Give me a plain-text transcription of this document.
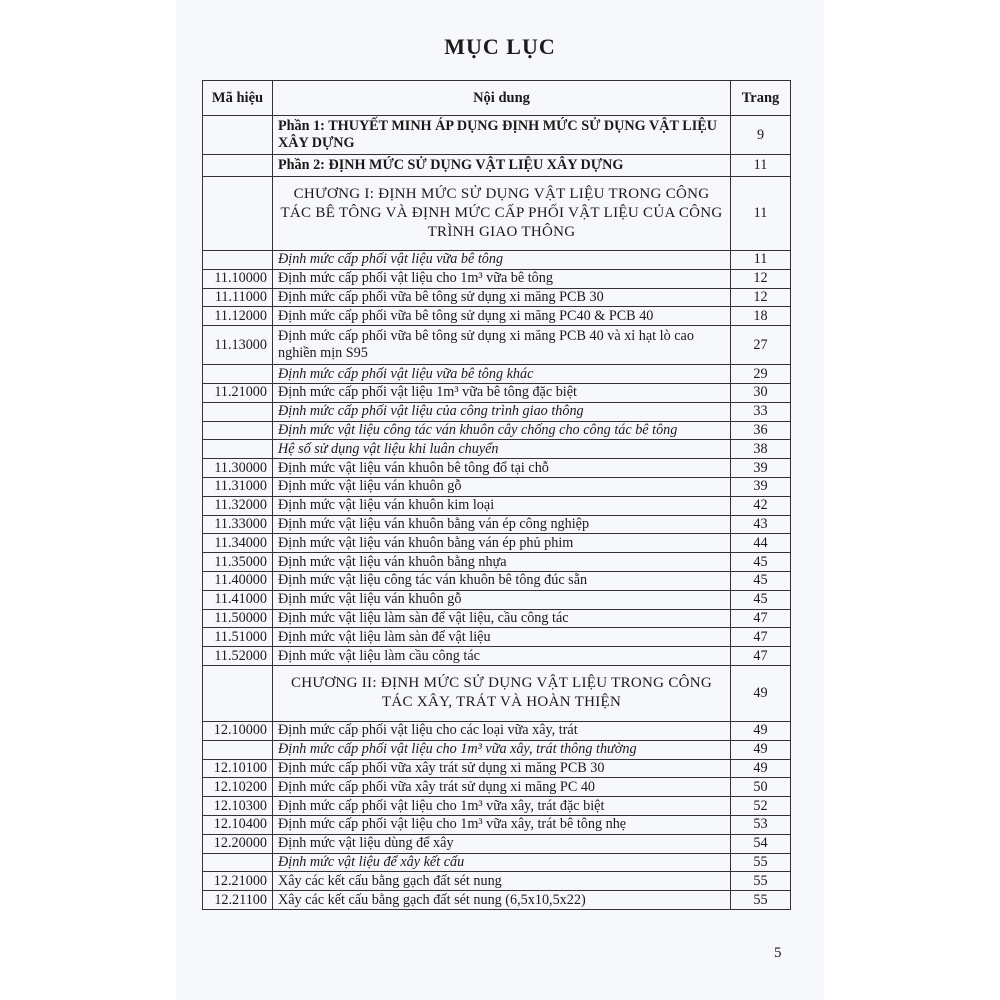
MỤC LỤC
Mã hiệu	Nội dung	Trang
	Phần 1: THUYẾT MINH ÁP DỤNG ĐỊNH MỨC SỬ DỤNG VẬT LIỆU XÂY DỰNG	9
	Phần 2: ĐỊNH MỨC SỬ DỤNG VẬT LIỆU XÂY DỰNG	11
	CHƯƠNG I: ĐỊNH MỨC SỬ DỤNG VẬT LIỆU TRONG CÔNG TÁC BÊ TÔNG VÀ ĐỊNH MỨC CẤP PHỐI VẬT LIỆU CỦA CÔNG TRÌNH GIAO THÔNG	11
	Định mức cấp phối vật liệu vữa bê tông	11
11.10000	Định mức cấp phối vật liệu cho 1m³ vữa bê tông	12
11.11000	Định mức cấp phối vữa bê tông sử dụng xi măng PCB 30	12
11.12000	Định mức cấp phối vữa bê tông sử dụng xi măng PC40 & PCB 40	18
11.13000	Định mức cấp phối vữa bê tông sử dụng xi măng PCB 40 và xỉ hạt lò cao nghiền mịn S95	27
	Định mức cấp phối vật liệu vữa bê tông khác	29
11.21000	Định mức cấp phối vật liệu 1m³ vữa bê tông đặc biệt	30
	Định mức cấp phối vật liệu của công trình giao thông	33
	Định mức vật liệu công tác ván khuôn cây chống cho công tác bê tông	36
	Hệ số sử dụng vật liệu khi luân chuyển	38
11.30000	Định mức vật liệu ván khuôn bê tông đổ tại chỗ	39
11.31000	Định mức vật liệu ván khuôn gỗ	39
11.32000	Định mức vật liệu ván khuôn kim loại	42
11.33000	Định mức vật liệu ván khuôn bằng ván ép công nghiệp	43
11.34000	Định mức vật liệu ván khuôn bằng ván ép phủ phim	44
11.35000	Định mức vật liệu ván khuôn bằng nhựa	45
11.40000	Định mức vật liệu công tác ván khuôn bê tông đúc sẵn	45
11.41000	Định mức vật liệu ván khuôn gỗ	45
11.50000	Định mức vật liệu làm sàn để vật liệu, cầu công tác	47
11.51000	Định mức vật liệu làm sàn để vật liệu	47
11.52000	Định mức vật liệu làm cầu công tác	47
	CHƯƠNG II: ĐỊNH MỨC SỬ DỤNG VẬT LIỆU TRONG CÔNG TÁC XÂY, TRÁT VÀ HOÀN THIỆN	49
12.10000	Định mức cấp phối vật liệu cho các loại vữa xây, trát	49
	Định mức cấp phối vật liệu cho 1m³ vữa xây, trát thông thường	49
12.10100	Định mức cấp phối vữa xây trát sử dụng xi măng PCB 30	49
12.10200	Định mức cấp phối vữa xây trát sử dụng xi măng PC 40	50
12.10300	Định mức cấp phối vật liệu cho 1m³ vữa xây, trát đặc biệt	52
12.10400	Định mức cấp phối vật liệu cho 1m³ vữa xây, trát bê tông nhẹ	53
12.20000	Định mức vật liệu dùng để xây	54
	Định mức vật liệu để xây kết cấu	55
12.21000	Xây các kết cấu bằng gạch đất sét nung	55
12.21100	Xây các kết cấu bằng gạch đất sét nung (6,5x10,5x22)	55
5
